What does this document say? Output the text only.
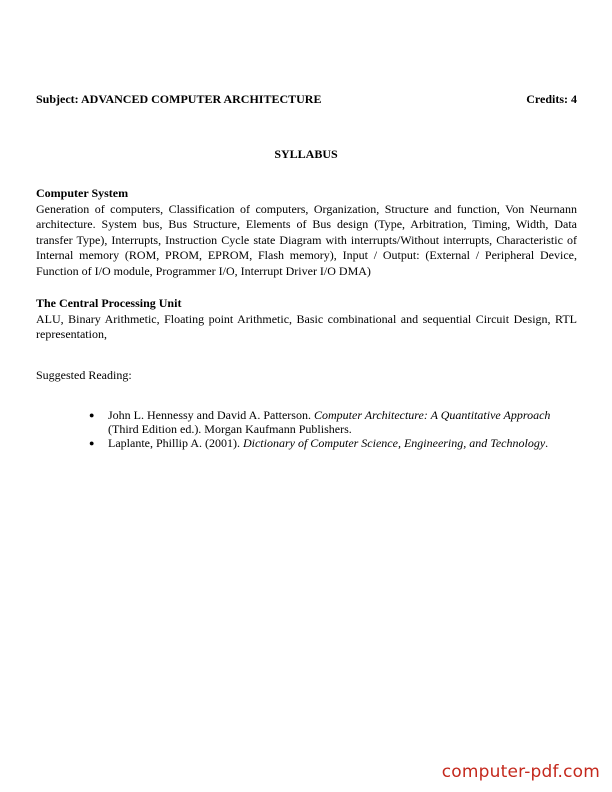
Subject: ADVANCED COMPUTER ARCHITECTURE	Credits: 4
SYLLABUS

Computer System

Generation of computers, Classification of computers, Organization, Structure and function, Von Neurnann architecture. System bus, Bus Structure, Elements of Bus design (Type, Arbitration, Timing, Width, Data transfer Type), Interrupts, Instruction Cycle state Diagram with interrupts/Without interrupts, Characteristic of Internal memory (ROM, PROM, EPROM, Flash memory), Input / Output: (External / Peripheral Device, Function of I/O module, Programmer I/O, Interrupt Driver I/O DMA)

The Central Processing Unit

ALU, Binary Arithmetic, Floating point Arithmetic, Basic combinational and sequential Circuit Design, RTL representation,

Suggested Reading:
● John L. Hennessy and David A. Patterson. Computer Architecture: A Quantitative Approach (Third Edition ed.). Morgan Kaufmann Publishers.
● Laplante, Phillip A. (2001). Dictionary of Computer Science, Engineering, and Technology.
computer-pdf.com
